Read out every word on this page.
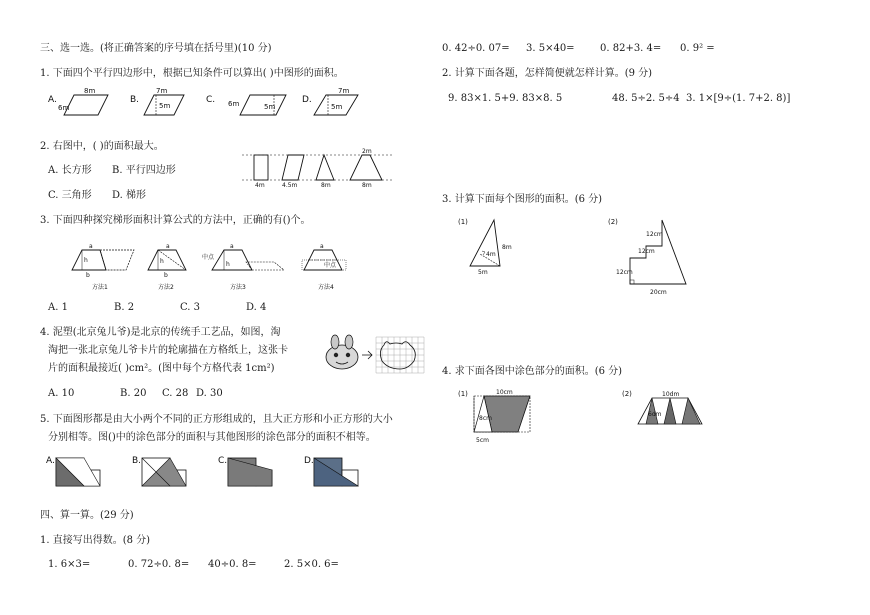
三、选一选。(将正确答案的序号填在括号里)(10 分)
1. 下面四个平行四边形中，根据已知条件可以算出( )中图形的面积。
A.
8m
6m
B.
7m
5m
C. 6m	5m
D.
7m
5m
2. 右图中，( )的面积最大。
A. 长方形 B. 平行四边形
C. 三角形 D. 梯形
4m	4.5m	8m	8m
2m
3. 下面四种探究梯形面积计算公式的方法中，正确的有()个。
a
b
h
方法1
a
b
h
方法2
a
中点
h
方法3
a
中点
方法4
A. 1	B. 2	C. 3	D. 4
4. 泥塑(北京兔儿爷)是北京的传统手工艺品，如图，淘
淘把一张北京兔儿爷卡片的轮廓描在方格纸上，这张卡
片的面积最接近( )cm²。(图中每个方格代表 1cm²)
A. 10	B. 20 C. 28 D. 30
5. 下面图形都是由大小两个不同的正方形组成的，且大正方形和小正方形的大小
分别相等。图()中的涂色部分的面积与其他图形的涂色部分的面积不相等。
A.	B.	C.	D.
四、算一算。(29 分)
1. 直接写出得数。(8 分)
1. 6×3=	0. 72÷0. 8= 40÷0. 8=	2. 5×0. 6=
0. 42÷0. 07= 3. 5×40=	0. 82+3. 4= 0. 9² =
2. 计算下面各题，怎样简便就怎样计算。(9 分)
9. 83×1. 5+9. 83×8. 5	48. 5÷2. 5÷4 3. 1×[9÷(1. 7+2. 8)]
3. 计算下面每个图形的面积。(6 分)
(1)
4m
8m
5m
(2)
12cm
12cm
12cm
20cm
4. 求下面各图中涂色部分的面积。(6 分)
(1)	10cm
8cm
5cm
(2)	10dm
6dm
